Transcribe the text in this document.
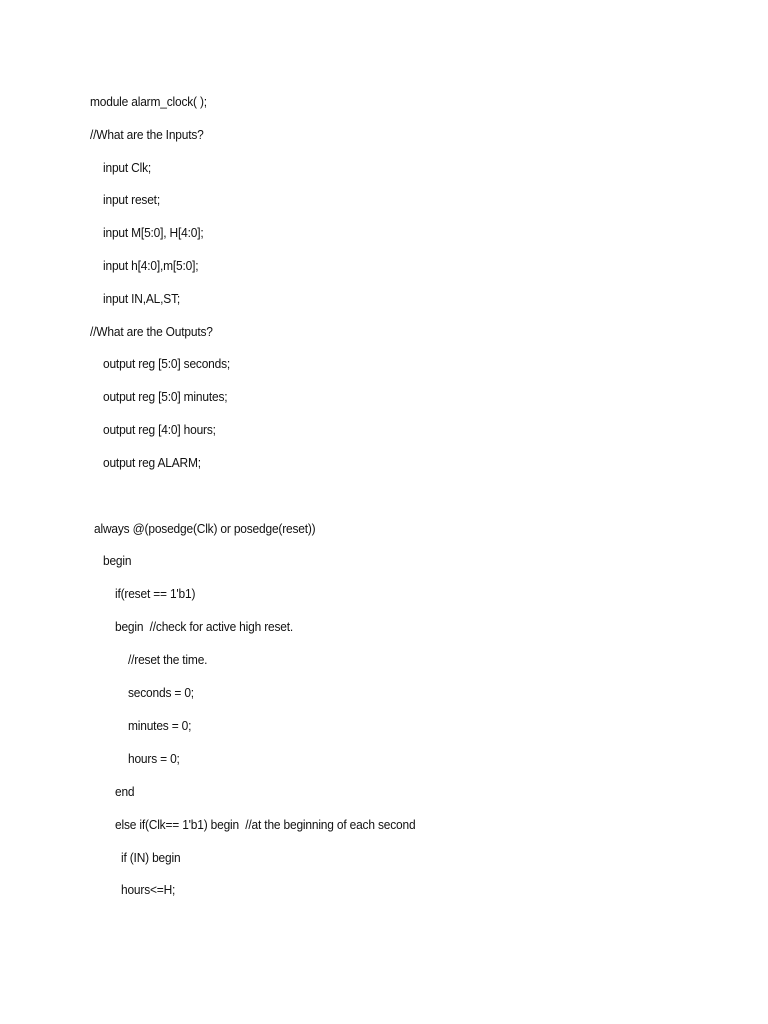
module alarm_clock( );
//What are the Inputs?
input Clk;
input reset;
input M[5:0], H[4:0];
input h[4:0],m[5:0];
input IN,AL,ST;
//What are the Outputs?
output reg [5:0] seconds;
output reg [5:0] minutes;
output reg [4:0] hours;
output reg ALARM;
always @(posedge(Clk) or posedge(reset))
begin
if(reset == 1'b1)
begin  //check for active high reset.
//reset the time.
seconds = 0;
minutes = 0;
hours = 0;
end
else if(Clk== 1'b1) begin  //at the beginning of each second
if (IN) begin
hours<=H;
